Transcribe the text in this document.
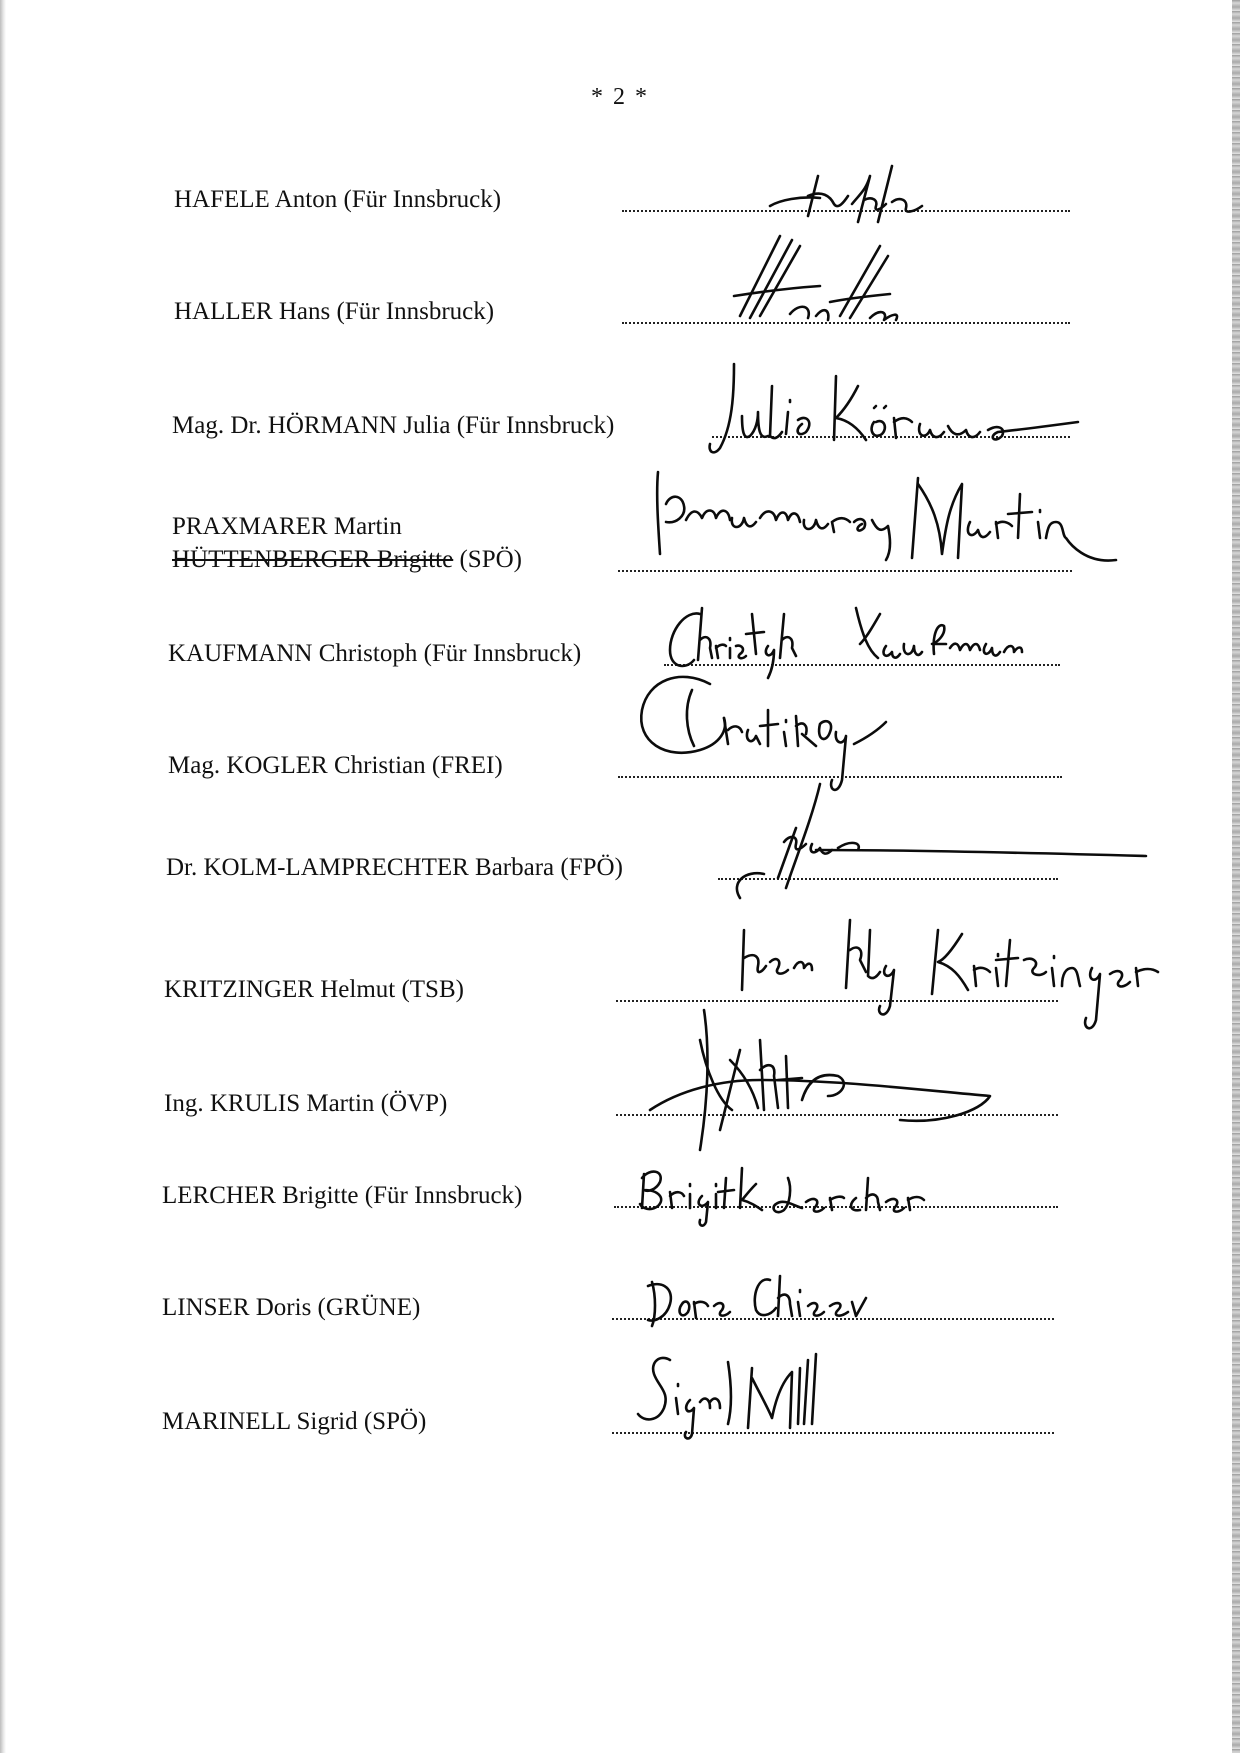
* 2 *
HAFELE Anton (Für Innsbruck)
HALLER Hans (Für Innsbruck)
Mag. Dr. HÖRMANN Julia (Für Innsbruck)
PRAXMARER Martin
HÜTTENBERGER Brigitte (SPÖ)
KAUFMANN Christoph (Für Innsbruck)
Mag. KOGLER Christian (FREI)
Dr. KOLM-LAMPRECHTER Barbara (FPÖ)
KRITZINGER Helmut (TSB)
Ing. KRULIS Martin (ÖVP)
LERCHER Brigitte (Für Innsbruck)
LINSER Doris (GRÜNE)
MARINELL Sigrid (SPÖ)
